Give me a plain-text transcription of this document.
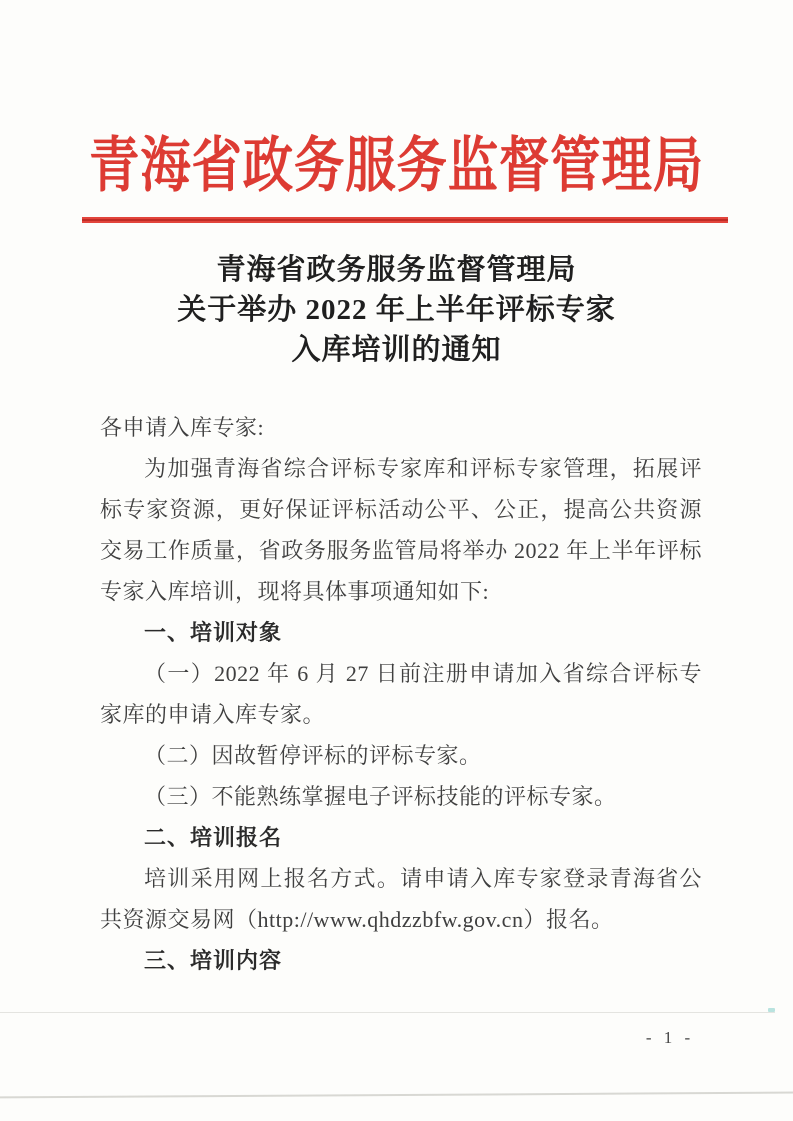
青海省政务服务监督管理局
青海省政务服务监督管理局
关于举办 2022 年上半年评标专家
入库培训的通知
各申请入库专家:
为加强青海省综合评标专家库和评标专家管理，拓展评标专家资源，更好保证评标活动公平、公正，提高公共资源交易工作质量，省政务服务监管局将举办 2022 年上半年评标专家入库培训，现将具体事项通知如下:
一、培训对象
（一）2022 年 6 月 27 日前注册申请加入省综合评标专家库的申请入库专家。
（二）因故暂停评标的评标专家。
（三）不能熟练掌握电子评标技能的评标专家。
二、培训报名
培训采用网上报名方式。请申请入库专家登录青海省公共资源交易网（http://www.qhdzzbfw.gov.cn）报名。
三、培训内容
- 1 -
